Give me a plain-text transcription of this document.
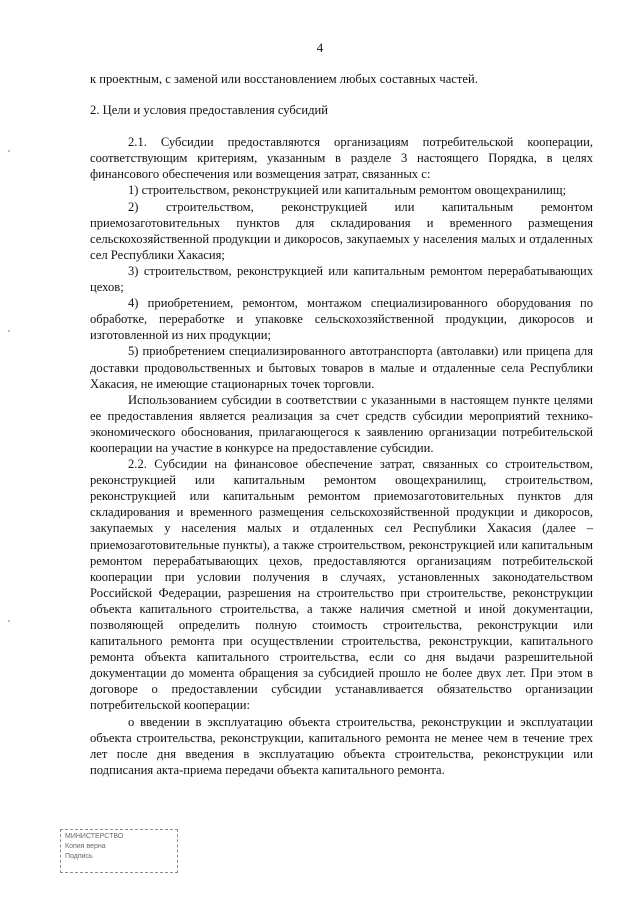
4

к проектным, с заменой или восстановлением любых составных частей.

2. Цели и условия предоставления субсидий

2.1. Субсидии предоставляются организациям потребительской кооперации, соответствующим критериям, указанным в разделе 3 настоящего Порядка, в целях финансового обеспечения или возмещения затрат, связанных с:

1) строительством, реконструкцией или капитальным ремонтом овощехранилищ;

2) строительством, реконструкцией или капитальным ремонтом приемозаготовительных пунктов для складирования и временного размещения сельскохозяйственной продукции и дикоросов, закупаемых у населения малых и отдаленных сел Республики Хакасия;

3) строительством, реконструкцией или капитальным ремонтом перерабатывающих цехов;

4) приобретением, ремонтом, монтажом специализированного оборудования по обработке, переработке и упаковке сельскохозяйственной продукции, дикоросов и изготовленной из них продукции;

5) приобретением специализированного автотранспорта (автолавки) или прицепа для доставки продовольственных и бытовых товаров в малые и отдаленные села Республики Хакасия, не имеющие стационарных точек торговли.

Использованием субсидии в соответствии с указанными в настоящем пункте целями ее предоставления является реализация за счет средств субсидии мероприятий технико-экономического обоснования, прилагающегося к заявлению организации потребительской кооперации на участие в конкурсе на предоставление субсидии.

2.2. Субсидии на финансовое обеспечение затрат, связанных со строительством, реконструкцией или капитальным ремонтом овощехранилищ, строительством, реконструкцией или капитальным ремонтом приемозаготовительных пунктов для складирования и временного размещения сельскохозяйственной продукции и дикоросов, закупаемых у населения малых и отдаленных сел Республики Хакасия (далее – приемозаготовительные пункты), а также строительством, реконструкцией или капитальным ремонтом перерабатывающих цехов, предоставляются организациям потребительской кооперации при условии получения в случаях, установленных законодательством Российской Федерации, разрешения на строительство при строительстве, реконструкции объекта капитального строительства, а также наличия сметной и иной документации, позволяющей определить полную стоимость строительства, реконструкции или капитального ремонта при осуществлении строительства, реконструкции, капитального ремонта объекта капитального строительства, если со дня выдачи разрешительной документации до момента обращения за субсидией прошло не более двух лет. При этом в договоре о предоставлении субсидии устанавливается обязательство организации потребительской кооперации:

о введении в эксплуатацию объекта строительства, реконструкции и эксплуатации объекта строительства, реконструкции, капитального ремонта не менее чем в течение трех лет после дня введения в эксплуатацию объекта строительства, реконструкции или подписания акта-приема передачи объекта капитального ремонта.

МИНИСТЕРСТВО
Копия верна
Подпись
